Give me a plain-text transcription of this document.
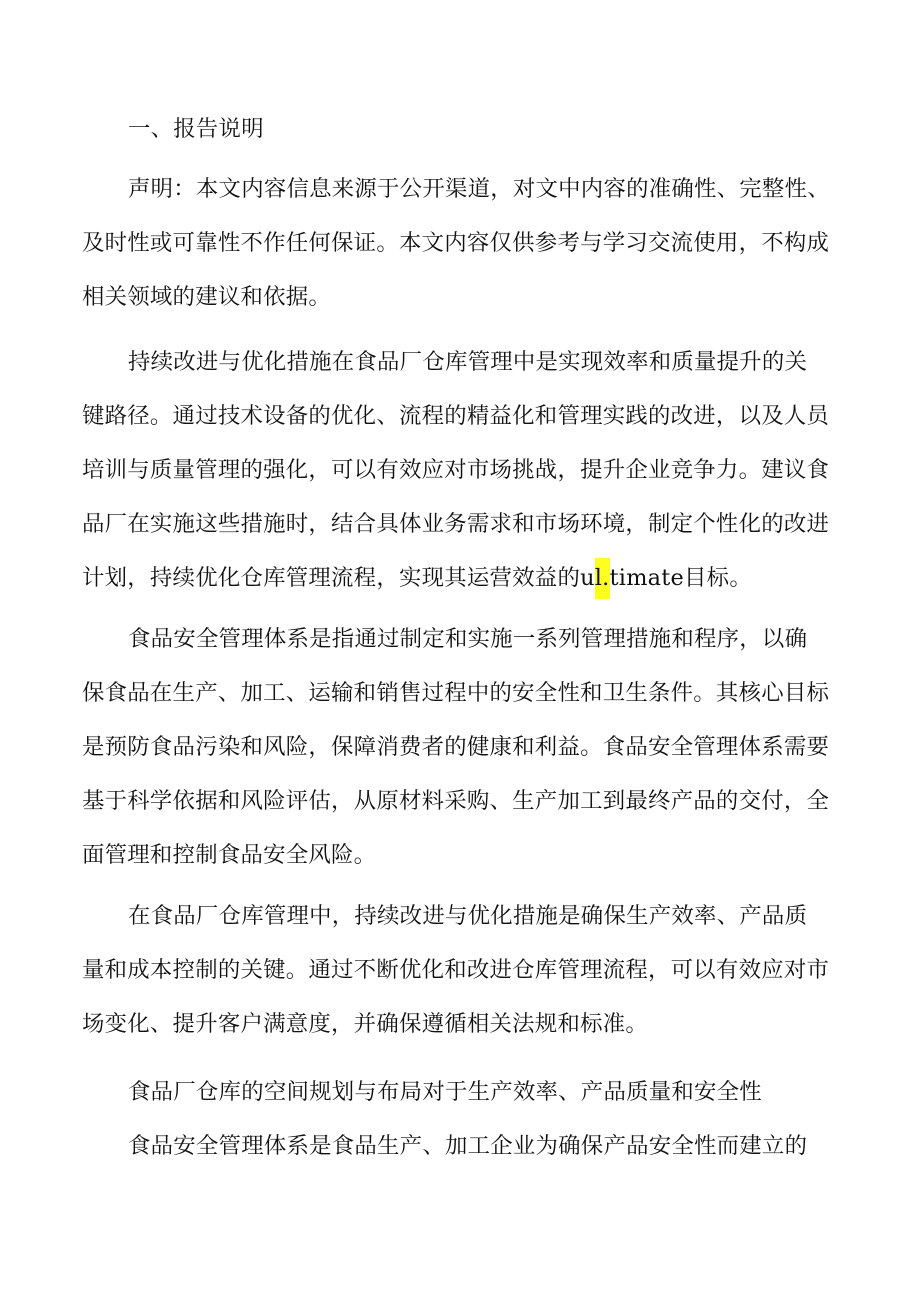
一、报告说明
声明：本文内容信息来源于公开渠道，对文中内容的准确性、完整性、
及时性或可靠性不作任何保证。本文内容仅供参考与学习交流使用，不构成
相关领域的建议和依据。
持续改进与优化措施在食品厂仓库管理中是实现效率和质量提升的关
键路径。通过技术设备的优化、流程的精益化和管理实践的改进，以及人员
培训与质量管理的强化，可以有效应对市场挑战，提升企业竞争力。建议食
品厂在实施这些措施时，结合具体业务需求和市场环境，制定个性化的改进
计划，持续优化仓库管理流程，实现其运营效益的ul.timate目标。
食品安全管理体系是指通过制定和实施一系列管理措施和程序，以确
保食品在生产、加工、运输和销售过程中的安全性和卫生条件。其核心目标
是预防食品污染和风险，保障消费者的健康和利益。食品安全管理体系需要
基于科学依据和风险评估，从原材料采购、生产加工到最终产品的交付，全
面管理和控制食品安全风险。
在食品厂仓库管理中，持续改进与优化措施是确保生产效率、产品质
量和成本控制的关键。通过不断优化和改进仓库管理流程，可以有效应对市
场变化、提升客户满意度，并确保遵循相关法规和标准。
食品厂仓库的空间规划与布局对于生产效率、产品质量和安全性
食品安全管理体系是食品生产、加工企业为确保产品安全性而建立的
